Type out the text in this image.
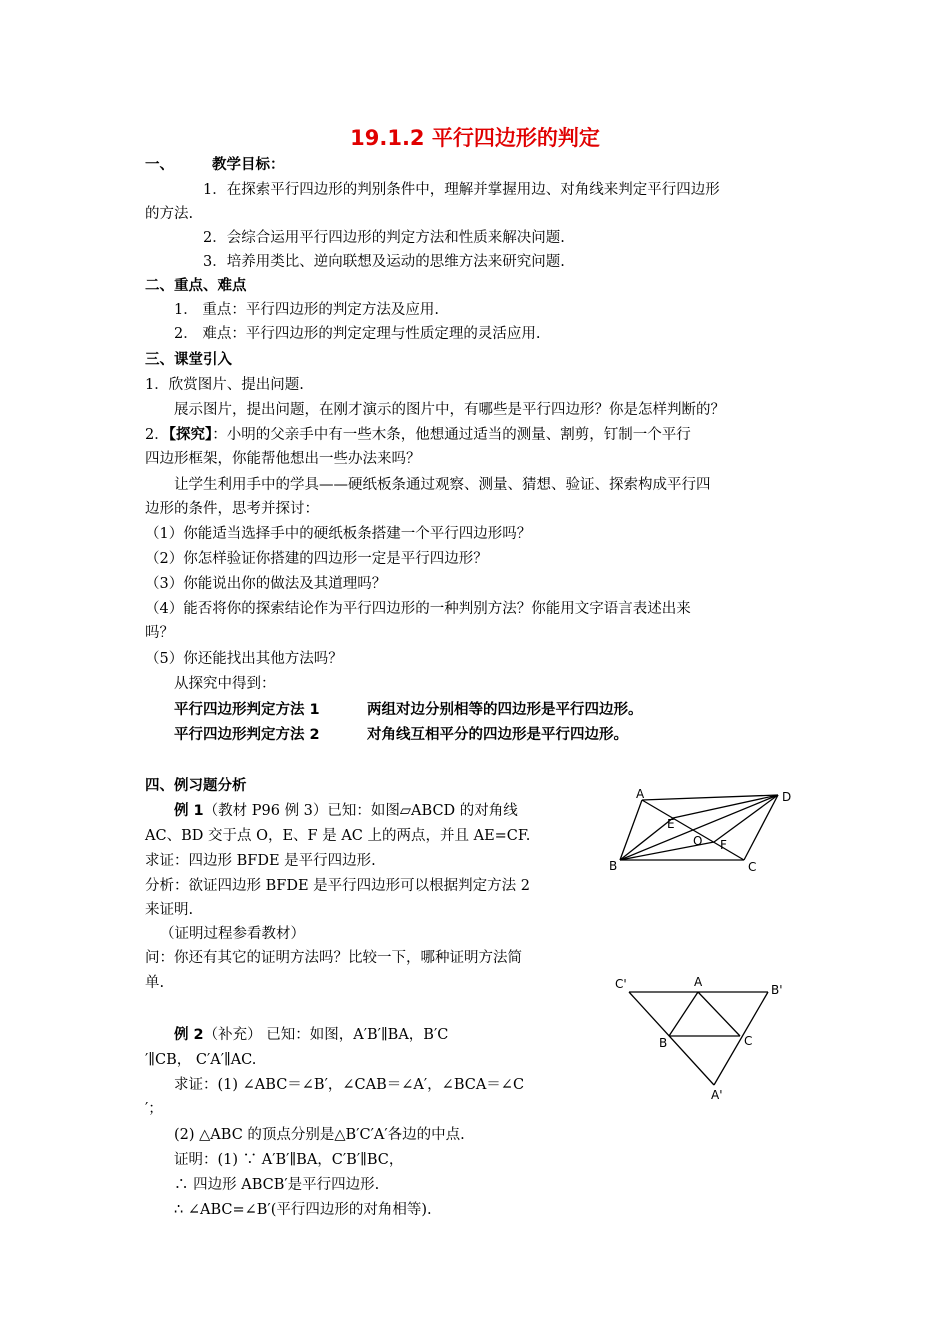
19.1.2 平行四边形的判定
一、	教学目标：
1．在探索平行四边形的判别条件中，理解并掌握用边、对角线来判定平行四边形
的方法.
2．会综合运用平行四边形的判定方法和性质来解决问题.
3．培养用类比、逆向联想及运动的思维方法来研究问题.
二、重点、难点
1． 重点：平行四边形的判定方法及应用.
2． 难点：平行四边形的判定定理与性质定理的灵活应用.
三、课堂引入
1．欣赏图片、提出问题.
展示图片，提出问题，在刚才演示的图片中，有哪些是平行四边形？你是怎样判断的？
2．【探究】：小明的父亲手中有一些木条，他想通过适当的测量、割剪，钉制一个平行
四边形框架，你能帮他想出一些办法来吗？
让学生利用手中的学具——硬纸板条通过观察、测量、猜想、验证、探索构成平行四
边形的条件，思考并探讨：
（1）你能适当选择手中的硬纸板条搭建一个平行四边形吗？
（2）你怎样验证你搭建的四边形一定是平行四边形？
（3）你能说出你的做法及其道理吗？
（4）能否将你的探索结论作为平行四边形的一种判别方法？你能用文字语言表述出来
吗？
（5）你还能找出其他方法吗？
从探究中得到：
平行四边形判定方法 1	两组对边分别相等的四边形是平行四边形。
平行四边形判定方法 2	对角线互相平分的四边形是平行四边形。
四、例习题分析
例 1（教材 P96 例 3）已知：如图▱ABCD 的对角线
AC、BD 交于点 O，E、F 是 AC 上的两点，并且 AE=CF.
求证：四边形 BFDE 是平行四边形.
分析：欲证四边形 BFDE 是平行四边形可以根据判定方法 2
来证明.
（证明过程参看教材）
问：你还有其它的证明方法吗？比较一下，哪种证明方法简
单.
例 2（补充） 已知：如图，A′B′∥BA，B′C
′∥CB， C′A′∥AC.
求证：(1) ∠ABC＝∠B′，∠CAB＝∠A′，∠BCA＝∠C
′；
(2) △ABC 的顶点分别是△B′C′A′各边的中点.
证明：(1) ∵ A′B′∥BA，C′B′∥BC，
∴ 四边形 ABCB′是平行四边形.
∴ ∠ABC=∠B′(平行四边形的对角相等).
A	D
B	C
E
F
O
C'	A
B'
B	C
A'
